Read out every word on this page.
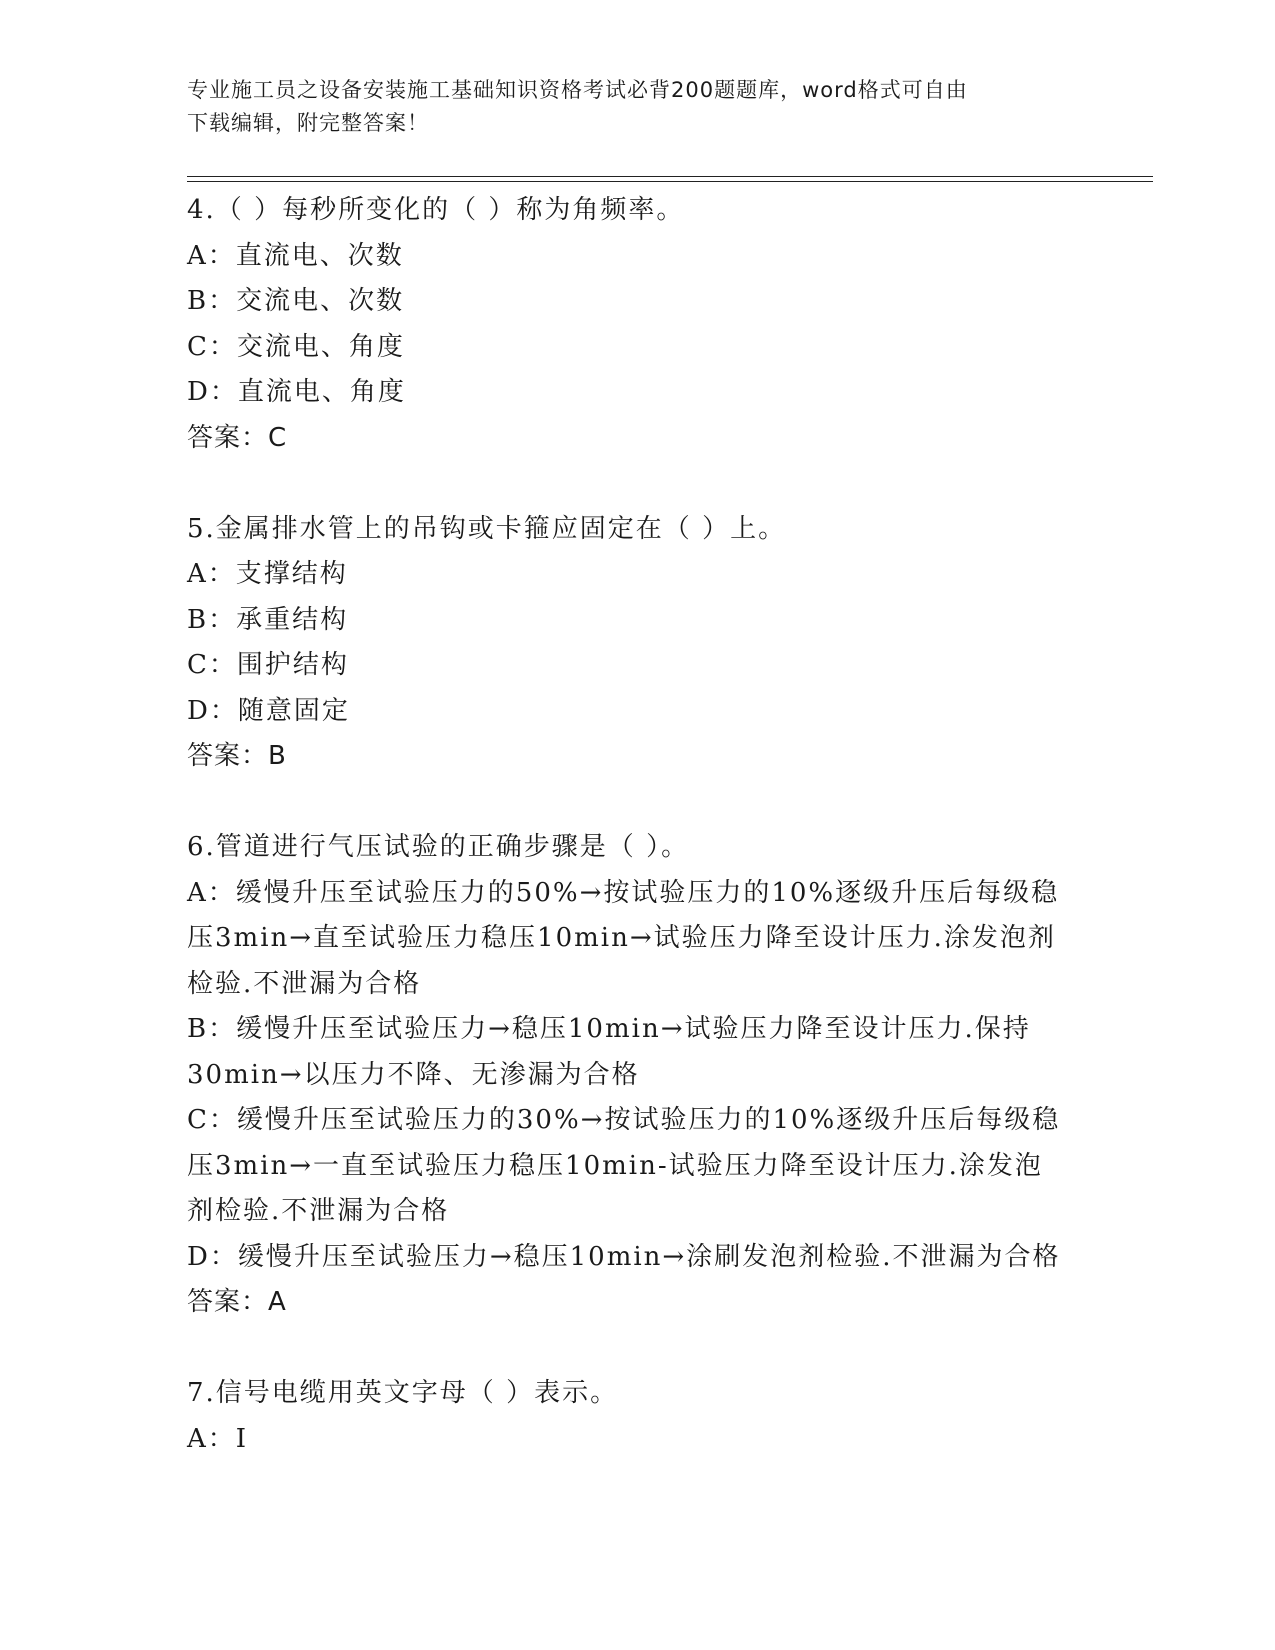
专业施工员之设备安装施工基础知识资格考试必背200题题库，word格式可自由
下载编辑，附完整答案！
4.（ ）每秒所变化的（ ）称为角频率。
A：直流电、次数
B：交流电、次数
C：交流电、角度
D：直流电、角度
答案：C
5.金属排水管上的吊钩或卡箍应固定在（ ）上。
A：支撑结构
B：承重结构
C：围护结构
D：随意固定
答案：B
6.管道进行气压试验的正确步骤是（ ）。
A：缓慢升压至试验压力的50%→按试验压力的10%逐级升压后每级稳
压3min→直至试验压力稳压10min→试验压力降至设计压力.涂发泡剂
检验.不泄漏为合格
B：缓慢升压至试验压力→稳压10min→试验压力降至设计压力.保持
30min→以压力不降、无渗漏为合格
C：缓慢升压至试验压力的30%→按试验压力的10%逐级升压后每级稳
压3min→一直至试验压力稳压10min-试验压力降至设计压力.涂发泡
剂检验.不泄漏为合格
D：缓慢升压至试验压力→稳压10min→涂刷发泡剂检验.不泄漏为合格
答案：A
7.信号电缆用英文字母（ ）表示。
A：I
